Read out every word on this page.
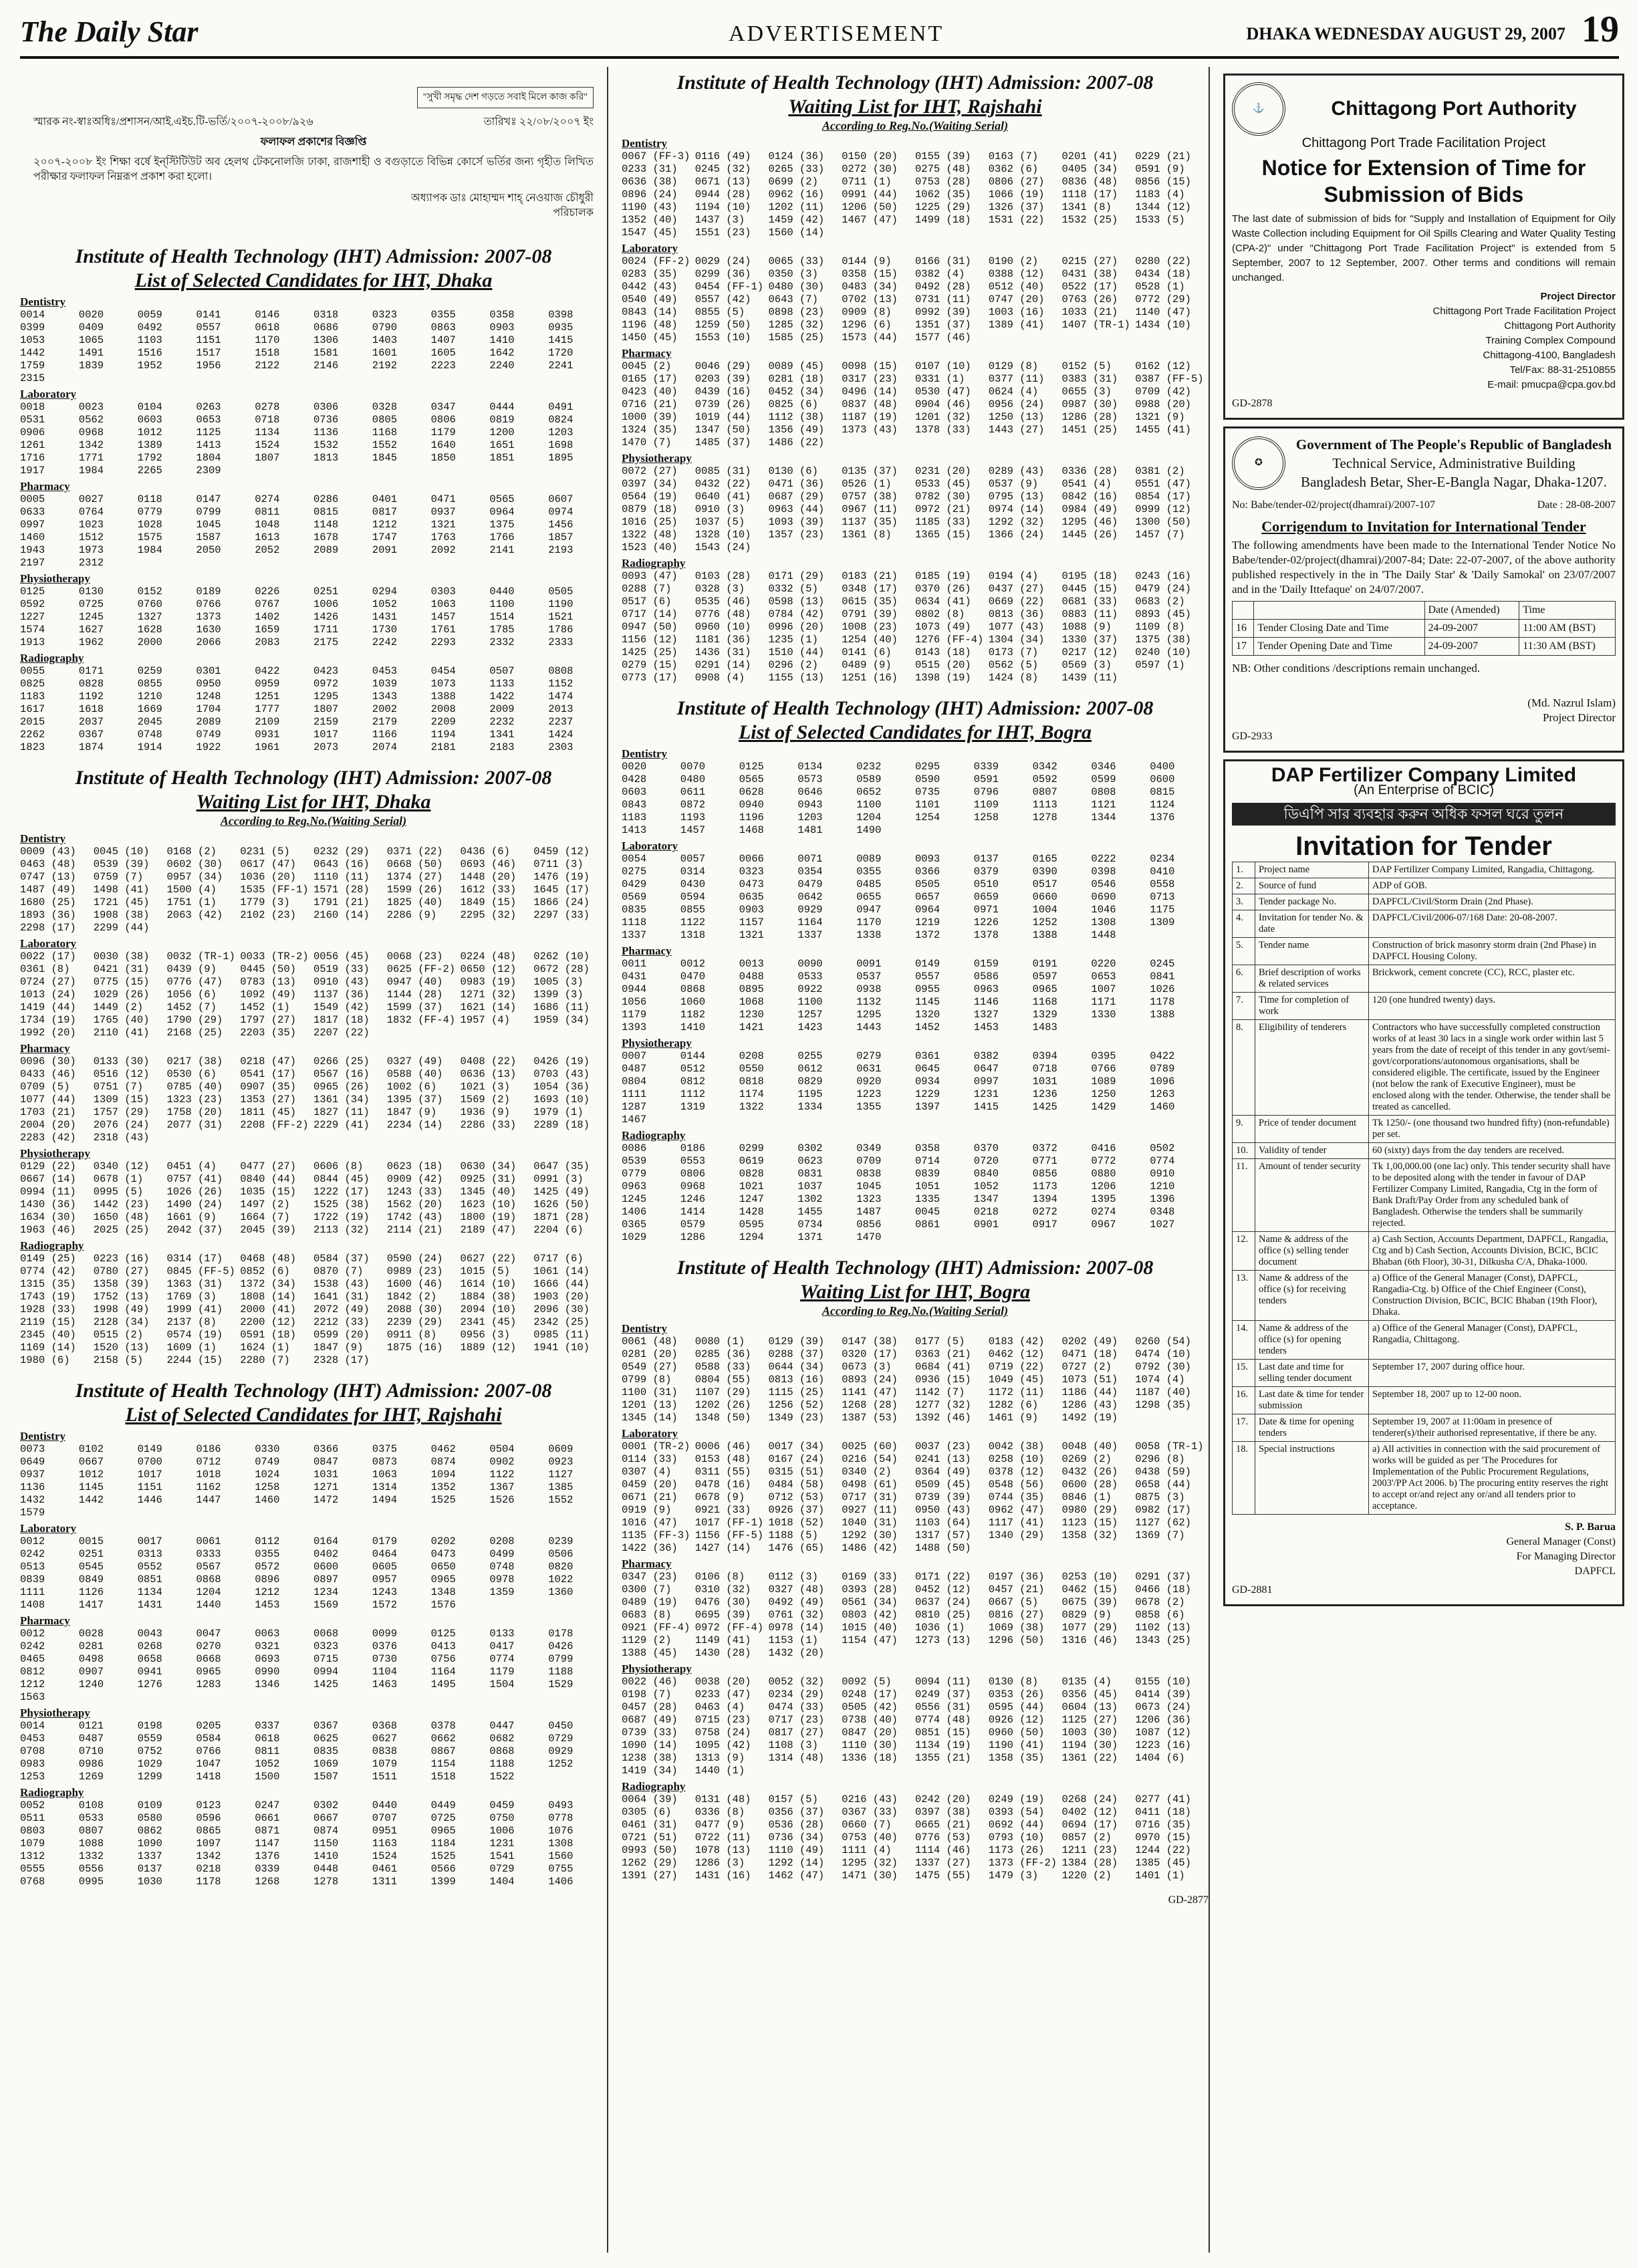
The Daily Star	ADVERTISEMENT	DHAKA WEDNESDAY AUGUST 29, 2007 19
"সুখী সমৃদ্ধ দেশ গড়তে সবাই মিলে কাজ করি"
স্মারক নং-স্বাঃঅধিঃ/প্রশাসন/আই.এইচ.টি-ভর্তি/২০০৭-২০০৮/৯২৬	তারিখঃ ২২/০৮/২০০৭ ইং
ফলাফল প্রকাশের বিজ্ঞপ্তি

২০০৭-২০০৮ ইং শিক্ষা বর্ষে ইন্‌স্টিটিউট অব হেলথ টেকনোলজি ঢাকা, রাজশাহী ও বগুড়াতে বিভিন্ন কোর্সে ভর্তির জন্য গৃহীত লিখিত পরীক্ষার ফলাফল নিম্নরূপ প্রকাশ করা হলো।

অধ্যাপক ডাঃ মোহাম্মদ শাহ্‌ নেওয়াজ চৌধুরী
পরিচালক
Institute of Health Technology (IHT) Admission: 2007-08
List of Selected Candidates for IHT, Dhaka
Dentistry
0014	0020	0059	0141	0146	0318	0323	0355	0358	0398
0399	0409	0492	0557	0618	0686	0790	0863	0903	0935
1053	1065	1103	1151	1170	1306	1403	1407	1410	1415
1442	1491	1516	1517	1518	1581	1601	1605	1642	1720
1759	1839	1952	1956	2122	2146	2192	2223	2240	2241
2315
Laboratory
0018	0023	0104	0263	0278	0306	0328	0347	0444	0491
0531	0562	0603	0653	0718	0736	0805	0806	0819	0824
0906	0968	1012	1125	1134	1136	1168	1179	1200	1203
1261	1342	1389	1413	1524	1532	1552	1640	1651	1698
1716	1771	1792	1804	1807	1813	1845	1850	1851	1895
1917	1984	2265	2309
Pharmacy
0005	0027	0118	0147	0274	0286	0401	0471	0565	0607
0633	0764	0779	0799	0811	0815	0817	0937	0964	0974
0997	1023	1028	1045	1048	1148	1212	1321	1375	1456
1460	1512	1575	1587	1613	1678	1747	1763	1766	1857
1943	1973	1984	2050	2052	2089	2091	2092	2141	2193
2197	2312
Physiotherapy
0125	0130	0152	0189	0226	0251	0294	0303	0440	0505
0592	0725	0760	0766	0767	1006	1052	1063	1100	1190
1227	1245	1327	1373	1402	1426	1431	1457	1514	1521
1574	1627	1628	1630	1659	1711	1730	1761	1785	1786
1913	1962	2000	2066	2083	2175	2242	2293	2332	2333
Radiography
0055	0171	0259	0301	0422	0423	0453	0454	0507	0808
0825	0828	0855	0950	0959	0972	1039	1073	1133	1152
1183	1192	1210	1248	1251	1295	1343	1388	1422	1474
1617	1618	1669	1704	1777	1807	2002	2008	2009	2013
2015	2037	2045	2089	2109	2159	2179	2209	2232	2237
2262	0367	0748	0749	0931	1017	1166	1194	1341	1424
1823	1874	1914	1922	1961	2073	2074	2181	2183	2303
Institute of Health Technology (IHT) Admission: 2007-08
Waiting List for IHT, Dhaka
According to Reg.No.(Waiting Serial)
Dentistry
0009 (43)	0045 (10)	0168 (2)	0231 (5)	0232 (29)	0371 (22)	0436 (6)	0459 (12)
0463 (48)	0539 (39)	0602 (30)	0617 (47)	0643 (16)	0668 (50)	0693 (46)	0711 (3)
0747 (13)	0759 (7)	0957 (34)	1036 (20)	1110 (11)	1374 (27)	1448 (20)	1476 (19)
1487 (49)	1498 (41)	1500 (4)	1535 (FF-1) 1571 (28)	1599 (26)	1612 (33)	1645 (17)
1680 (25)	1721 (45)	1751 (1)	1779 (3)	1791 (21)	1825 (40)	1849 (15)	1866 (24)
1893 (36)	1908 (38)	2063 (42)	2102 (23)	2160 (14)	2286 (9)	2295 (32)	2297 (33)
2298 (17)	2299 (44)
Laboratory
0022 (17)	0030 (38)	0032 (TR-1) 0033 (TR-2) 0056 (45)	0068 (23)	0224 (48)	0262 (10)
0361 (8)	0421 (31)	0439 (9)	0445 (50)	0519 (33)	0625 (FF-2) 0650 (12)	0672 (28)
0724 (27)	0775 (15)	0776 (47)	0783 (13)	0910 (43)	0947 (40)	0983 (19)	1005 (3)
1013 (24)	1029 (26)	1056 (6)	1092 (49)	1137 (36)	1144 (28)	1271 (32)	1399 (3)
1419 (44)	1449 (2)	1452 (7)	1452 (1)	1549 (42)	1599 (37)	1621 (14)	1686 (11)
1734 (19)	1765 (40)	1790 (29)	1797 (27)	1817 (18)	1832 (FF-4) 1957 (4)	1959 (34)
1992 (20)	2110 (41)	2168 (25)	2203 (35)	2207 (22)
Pharmacy
0096 (30)	0133 (30)	0217 (38)	0218 (47)	0266 (25)	0327 (49)	0408 (22)	0426 (19)
0433 (46)	0516 (12)	0530 (6)	0541 (17)	0567 (16)	0588 (40)	0636 (13)	0703 (43)
0709 (5)	0751 (7)	0785 (40)	0907 (35)	0965 (26)	1002 (6)	1021 (3)	1054 (36)
1077 (44)	1309 (15)	1323 (23)	1353 (27)	1361 (34)	1395 (37)	1569 (2)	1693 (10)
1703 (21)	1757 (29)	1758 (20)	1811 (45)	1827 (11)	1847 (9)	1936 (9)	1979 (1)
2004 (20)	2076 (24)	2077 (31)	2208 (FF-2) 2229 (41)	2234 (14)	2286 (33)	2289 (18)
2283 (42)	2318 (43)
Physiotherapy
0129 (22)	0340 (12)	0451 (4)	0477 (27)	0606 (8)	0623 (18)	0630 (34)	0647 (35)
0667 (14)	0678 (1)	0757 (41)	0840 (44)	0844 (45)	0909 (42)	0925 (31)	0991 (3)
0994 (11)	0995 (5)	1026 (26)	1035 (15)	1222 (17)	1243 (33)	1345 (40)	1425 (49)
1430 (36)	1442 (23)	1490 (24)	1497 (2)	1525 (38)	1562 (20)	1623 (10)	1626 (50)
1634 (30)	1650 (48)	1661 (9)	1664 (7)	1722 (19)	1742 (43)	1800 (19)	1871 (28)
1963 (46)	2025 (25)	2042 (37)	2045 (39)	2113 (32)	2114 (21)	2189 (47)	2204 (6)
Radiography
0149 (25)	0223 (16)	0314 (17)	0468 (48)	0584 (37)	0590 (24)	0627 (22)	0717 (6)
0774 (42)	0780 (27)	0845 (FF-5) 0852 (6)	0870 (7)	0989 (23)	1015 (5)	1061 (14)
1315 (35)	1358 (39)	1363 (31)	1372 (34)	1538 (43)	1600 (46)	1614 (10)	1666 (44)
1743 (19)	1752 (13)	1769 (3)	1808 (14)	1641 (31)	1842 (2)	1884 (38)	1903 (20)
1928 (33)	1998 (49)	1999 (41)	2000 (41)	2072 (49)	2088 (30)	2094 (10)	2096 (30)
2119 (15)	2128 (34)	2137 (8)	2200 (12)	2212 (33)	2239 (29)	2341 (45)	2342 (25)
2345 (40)	0515 (2)	0574 (19)	0591 (18)	0599 (20)	0911 (8)	0956 (3)	0985 (11)
1169 (14)	1520 (13)	1609 (1)	1624 (1)	1847 (9)	1875 (16)	1889 (12)	1941 (10)
1980 (6)	2158 (5)	2244 (15)	2280 (7)	2328 (17)
Institute of Health Technology (IHT) Admission: 2007-08
List of Selected Candidates for IHT, Rajshahi
Dentistry
0073	0102	0149	0186	0330	0366	0375	0462	0504	0609
0649	0667	0700	0712	0749	0847	0873	0874	0902	0923
0937	1012	1017	1018	1024	1031	1063	1094	1122	1127
1136	1145	1151	1162	1258	1271	1314	1352	1367	1385
1432	1442	1446	1447	1460	1472	1494	1525	1526	1552
1579
Laboratory
0012	0015	0017	0061	0112	0164	0179	0202	0208	0239
0242	0251	0313	0333	0355	0402	0464	0473	0499	0506
0513	0545	0552	0567	0572	0600	0605	0650	0748	0820
0839	0849	0851	0868	0896	0897	0957	0965	0978	1022
1111	1126	1134	1204	1212	1234	1243	1348	1359	1360
1408	1417	1431	1440	1453	1569	1572	1576
Pharmacy
0012	0028	0043	0047	0063	0068	0099	0125	0133	0178
0242	0281	0268	0270	0321	0323	0376	0413	0417	0426
0465	0498	0658	0668	0693	0715	0730	0756	0774	0799
0812	0907	0941	0965	0990	0994	1104	1164	1179	1188
1212	1240	1276	1283	1346	1425	1463	1495	1504	1529
1563
Physiotherapy
0014	0121	0198	0205	0337	0367	0368	0378	0447	0450
0453	0487	0559	0584	0618	0625	0627	0662	0682	0729
0708	0710	0752	0766	0811	0835	0838	0867	0868	0929
0983	0986	1029	1047	1052	1069	1079	1154	1188	1252
1253	1269	1299	1418	1500	1507	1511	1518	1522
Radiography
0052	0108	0109	0123	0247	0302	0440	0449	0459	0493
0511	0533	0580	0596	0661	0667	0707	0725	0750	0778
0803	0807	0862	0865	0871	0874	0951	0965	1006	1076
1079	1088	1090	1097	1147	1150	1163	1184	1231	1308
1312	1332	1337	1342	1376	1410	1524	1525	1541	1560
0555	0556	0137	0218	0339	0448	0461	0566	0729	0755
0768	0995	1030	1178	1268	1278	1311	1399	1404	1406
Institute of Health Technology (IHT) Admission: 2007-08
Waiting List for IHT, Rajshahi
According to Reg.No.(Waiting Serial)
Dentistry
0067 (FF-3) 0116 (49)	0124 (36)	0150 (20)	0155 (39)	0163 (7)	0201 (41)	0229 (21)
0233 (31)	0245 (32)	0265 (33)	0272 (30)	0275 (48)	0362 (6)	0405 (34)	0591 (9)
0636 (38)	0671 (13)	0699 (2)	0711 (1)	0753 (28)	0806 (27)	0836 (48)	0856 (15)
0896 (24)	0944 (28)	0962 (16)	0991 (44)	1062 (35)	1066 (19)	1118 (17)	1183 (4)
1190 (43)	1194 (10)	1202 (11)	1206 (50)	1225 (29)	1326 (37)	1341 (8)	1344 (12)
1352 (40)	1437 (3)	1459 (42)	1467 (47)	1499 (18)	1531 (22)	1532 (25)	1533 (5)
1547 (45)	1551 (23)	1560 (14)
Laboratory
0024 (FF-2) 0029 (24)	0065 (33)	0144 (9)	0166 (31)	0190 (2)	0215 (27)	0280 (22)
0283 (35)	0299 (36)	0350 (3)	0358 (15)	0382 (4)	0388 (12)	0431 (38)	0434 (18)
0442 (43)	0454 (FF-1) 0480 (30)	0483 (34)	0492 (28)	0512 (40)	0522 (17)	0528 (1)
0540 (49)	0557 (42)	0643 (7)	0702 (13)	0731 (11)	0747 (20)	0763 (26)	0772 (29)
0843 (14)	0855 (5)	0898 (23)	0909 (8)	0992 (39)	1003 (16)	1033 (21)	1140 (47)
1196 (48)	1259 (50)	1285 (32)	1296 (6)	1351 (37)	1389 (41)	1407 (TR-1) 1434 (10)
1450 (45)	1553 (10)	1585 (25)	1573 (44)	1577 (46)
Pharmacy
0045 (2)	0046 (29)	0089 (45)	0098 (15)	0107 (10)	0129 (8)	0152 (5)	0162 (12)
0165 (17)	0203 (39)	0281 (18)	0317 (23)	0331 (1)	0377 (11)	0383 (31)	0387 (FF-5)
0423 (40)	0439 (16)	0452 (34)	0496 (14)	0530 (47)	0624 (4)	0655 (3)	0709 (42)
0716 (21)	0739 (26)	0825 (6)	0837 (48)	0904 (46)	0956 (24)	0987 (30)	0988 (20)
1000 (39)	1019 (44)	1112 (38)	1187 (19)	1201 (32)	1250 (13)	1286 (28)	1321 (9)
1324 (35)	1347 (50)	1356 (49)	1373 (43)	1378 (33)	1443 (27)	1451 (25)	1455 (41)
1470 (7)	1485 (37)	1486 (22)
Physiotherapy
0072 (27)	0085 (31)	0130 (6)	0135 (37)	0231 (20)	0289 (43)	0336 (28)	0381 (2)
0397 (34)	0432 (22)	0471 (36)	0526 (1)	0533 (45)	0537 (9)	0541 (4)	0551 (47)
0564 (19)	0640 (41)	0687 (29)	0757 (38)	0782 (30)	0795 (13)	0842 (16)	0854 (17)
0879 (18)	0910 (3)	0963 (44)	0967 (11)	0972 (21)	0974 (14)	0984 (49)	0999 (12)
1016 (25)	1037 (5)	1093 (39)	1137 (35)	1185 (33)	1292 (32)	1295 (46)	1300 (50)
1322 (48)	1328 (10)	1357 (23)	1361 (8)	1365 (15)	1366 (24)	1445 (26)	1457 (7)
1523 (40)	1543 (24)
Radiography
0093 (47)	0103 (28)	0171 (29)	0183 (21)	0185 (19)	0194 (4)	0195 (18)	0243 (16)
0288 (7)	0328 (3)	0332 (5)	0348 (17)	0370 (26)	0437 (27)	0445 (15)	0479 (24)
0517 (6)	0535 (46)	0598 (13)	0615 (35)	0634 (41)	0669 (22)	0681 (33)	0683 (2)
0717 (14)	0776 (48)	0784 (42)	0791 (39)	0802 (8)	0813 (36)	0883 (11)	0893 (45)
0947 (50)	0960 (10)	0996 (20)	1008 (23)	1073 (49)	1077 (43)	1088 (9)	1109 (8)
1156 (12)	1181 (36)	1235 (1)	1254 (40)	1276 (FF-4) 1304 (34)	1330 (37)	1375 (38)
1425 (25)	1436 (31)	1510 (44)	0141 (6)	0143 (18)	0173 (7)	0217 (12)	0240 (10)
0279 (15)	0291 (14)	0296 (2)	0489 (9)	0515 (20)	0562 (5)	0569 (3)	0597 (1)
0773 (17)	0908 (4)	1155 (13)	1251 (16)	1398 (19)	1424 (8)	1439 (11)
Institute of Health Technology (IHT) Admission: 2007-08
List of Selected Candidates for IHT, Bogra
Dentistry
0020	0070	0125	0134	0232	0295	0339	0342	0346	0400
0428	0480	0565	0573	0589	0590	0591	0592	0599	0600
0603	0611	0628	0646	0652	0735	0796	0807	0808	0815
0843	0872	0940	0943	1100	1101	1109	1113	1121	1124
1183	1193	1196	1203	1204	1254	1258	1278	1344	1376
1413	1457	1468	1481	1490
Laboratory
0054	0057	0066	0071	0089	0093	0137	0165	0222	0234
0275	0314	0323	0354	0355	0366	0379	0390	0398	0410
0429	0430	0473	0479	0485	0505	0510	0517	0546	0558
0569	0594	0635	0642	0655	0657	0659	0660	0690	0713
0835	0855	0903	0929	0947	0964	0971	1004	1046	1175
1118	1122	1157	1164	1170	1219	1226	1252	1308	1309
1337	1318	1321	1337	1338	1372	1378	1388	1448
Pharmacy
0011	0012	0013	0090	0091	0149	0159	0191	0220	0245
0431	0470	0488	0533	0537	0557	0586	0597	0653	0841
0944	0868	0895	0922	0938	0955	0963	0965	1007	1026
1056	1060	1068	1100	1132	1145	1146	1168	1171	1178
1179	1182	1230	1257	1295	1320	1327	1329	1330	1388
1393	1410	1421	1423	1443	1452	1453	1483
Physiotherapy
0007	0144	0208	0255	0279	0361	0382	0394	0395	0422
0487	0512	0550	0612	0631	0645	0647	0718	0766	0789
0804	0812	0818	0829	0920	0934	0997	1031	1089	1096
1111	1112	1174	1195	1223	1229	1231	1236	1250	1263
1287	1319	1322	1334	1355	1397	1415	1425	1429	1460
1467
Radiography
0086	0186	0299	0302	0349	0358	0370	0372	0416	0502
0539	0553	0619	0623	0709	0714	0720	0771	0772	0774
0779	0806	0828	0831	0838	0839	0840	0856	0880	0910
0963	0968	1021	1037	1045	1051	1052	1173	1206	1210
1245	1246	1247	1302	1323	1335	1347	1394	1395	1396
1406	1414	1428	1455	1487	0045	0218	0272	0274	0348
0365	0579	0595	0734	0856	0861	0901	0917	0967	1027
1029	1286	1294	1371	1470
Institute of Health Technology (IHT) Admission: 2007-08
Waiting List for IHT, Bogra
According to Reg.No.(Waiting Serial)
Dentistry
0061 (48)	0080 (1)	0129 (39)	0147 (38)	0177 (5)	0183 (42)	0202 (49)	0260 (54)
0281 (20)	0285 (36)	0288 (37)	0320 (17)	0363 (21)	0462 (12)	0471 (18)	0474 (10)
0549 (27)	0588 (33)	0644 (34)	0673 (3)	0684 (41)	0719 (22)	0727 (2)	0792 (30)
0799 (8)	0804 (55)	0813 (16)	0893 (24)	0936 (15)	1049 (45)	1073 (51)	1074 (4)
1100 (31)	1107 (29)	1115 (25)	1141 (47)	1142 (7)	1172 (11)	1186 (44)	1187 (40)
1201 (13)	1202 (26)	1256 (52)	1268 (28)	1277 (32)	1282 (6)	1286 (43)	1298 (35)
1345 (14)	1348 (50)	1349 (23)	1387 (53)	1392 (46)	1461 (9)	1492 (19)
Laboratory
0001 (TR-2) 0006 (46)	0017 (34)	0025 (60)	0037 (23)	0042 (38)	0048 (40)	0058 (TR-1)
0114 (33)	0153 (48)	0167 (24)	0216 (54)	0241 (13)	0258 (10)	0269 (2)	0296 (8)
0307 (4)	0311 (55)	0315 (51)	0340 (2)	0364 (49)	0378 (12)	0432 (26)	0438 (59)
0459 (20)	0478 (16)	0484 (58)	0498 (61)	0509 (45)	0548 (56)	0600 (28)	0658 (44)
0671 (21)	0678 (9)	0712 (53)	0717 (31)	0739 (39)	0744 (35)	0846 (1)	0875 (3)
0919 (9)	0921 (33)	0926 (37)	0927 (11)	0950 (43)	0962 (47)	0980 (29)	0982 (17)
1016 (47)	1017 (FF-1) 1018 (52)	1040 (31)	1103 (64)	1117 (41)	1123 (15)	1127 (62)
1135 (FF-3) 1156 (FF-5) 1188 (5)	1292 (30)	1317 (57)	1340 (29)	1358 (32)	1369 (7)
1422 (36)	1427 (14)	1476 (65)	1486 (42)	1488 (50)
Pharmacy
0347 (23)	0106 (8)	0112 (3)	0169 (33)	0171 (22)	0197 (36)	0253 (10)	0291 (37)
0300 (7)	0310 (32)	0327 (48)	0393 (28)	0452 (12)	0457 (21)	0462 (15)	0466 (18)
0489 (19)	0476 (30)	0492 (49)	0561 (34)	0637 (24)	0667 (5)	0675 (39)	0678 (2)
0683 (8)	0695 (39)	0761 (32)	0803 (42)	0810 (25)	0816 (27)	0829 (9)	0858 (6)
0921 (FF-4) 0972 (FF-4) 0978 (14)	1015 (40)	1036 (1)	1069 (38)	1077 (29)	1102 (13)
1129 (2)	1149 (41)	1153 (1)	1154 (47)	1273 (13)	1296 (50)	1316 (46)	1343 (25)
1388 (45)	1430 (28)	1432 (20)
Physiotherapy
0022 (46)	0038 (20)	0052 (32)	0092 (5)	0094 (11)	0130 (8)	0135 (4)	0155 (10)
0198 (7)	0233 (47)	0234 (29)	0248 (17)	0249 (37)	0353 (26)	0356 (45)	0414 (39)
0457 (28)	0463 (4)	0474 (33)	0505 (42)	0556 (31)	0595 (44)	0604 (13)	0673 (24)
0687 (49)	0715 (23)	0717 (23)	0738 (40)	0774 (48)	0926 (12)	1125 (27)	1206 (36)
0739 (33)	0758 (24)	0817 (27)	0847 (20)	0851 (15)	0960 (50)	1003 (30)	1087 (12)
1090 (14)	1095 (42)	1108 (3)	1110 (30)	1134 (19)	1190 (41)	1194 (30)	1223 (16)
1238 (38)	1313 (9)	1314 (48)	1336 (18)	1355 (21)	1358 (35)	1361 (22)	1404 (6)
1419 (34)	1440 (1)
Radiography
0064 (39)	0131 (48)	0157 (5)	0216 (43)	0242 (20)	0249 (19)	0268 (24)	0277 (41)
0305 (6)	0336 (8)	0356 (37)	0367 (33)	0397 (38)	0393 (54)	0402 (12)	0411 (18)
0461 (31)	0477 (9)	0536 (28)	0660 (7)	0665 (21)	0692 (44)	0694 (17)	0716 (35)
0721 (51)	0722 (11)	0736 (34)	0753 (40)	0776 (53)	0793 (10)	0857 (2)	0970 (15)
0993 (50)	1078 (13)	1110 (49)	1111 (4)	1114 (46)	1173 (26)	1211 (23)	1244 (22)
1262 (29)	1286 (3)	1292 (14)	1295 (32)	1337 (27)	1373 (FF-2) 1384 (28)	1385 (45)
1391 (27)	1431 (16)	1462 (47)	1471 (30)	1475 (55)	1479 (3)	1220 (2)	1401 (1)
GD-2877
⚓	Chittagong Port Authority
Chittagong Port Trade Facilitation Project
Notice for Extension of Time for Submission of Bids

The last date of submission of bids for "Supply and Installation of Equipment for Oily Waste Collection including Equipment for Oil Spills Clearing and Water Quality Testing (CPA-2)" under "Chittagong Port Trade Facilitation Project" is extended from 5 September, 2007 to 12 September, 2007. Other terms and conditions will remain unchanged.

Project Director
Chittagong Port Trade Facilitation Project
Chittagong Port Authority
Training Complex Compound
Chittagong-4100, Bangladesh
Tel/Fax: 88-31-2510855
E-mail: pmucpa@cpa.gov.bd
GD-2878
✪
Government of The People's Republic of Bangladesh
Technical Service, Administrative Building
Bangladesh Betar, Sher-E-Bangla Nagar, Dhaka-1207.
No: Babe/tender-02/project(dhamrai)/2007-107	Date : 28-08-2007
Corrigendum to Invitation for International Tender

The following amendments have been made to the International Tender Notice No Babe/tender-02/project(dhamrai)/2007-84; Date: 22-07-2007, of the above authority published respectively in the in 'The Daily Star' & 'Daily Samokal' on 23/07/2007 and in the 'Daily Ittefaque' on 24/07/2007.

		Date (Amended)	Time
16	Tender Closing Date and Time	24-09-2007	11:00 AM (BST)
17	Tender Opening Date and Time	24-09-2007	11:30 AM (BST)

NB: Other conditions /descriptions remain unchanged.

(Md. Nazrul Islam)
Project Director
GD-2933
DAP Fertilizer Company Limited
(An Enterprise of BCIC)
ডিএপি সার ব্যবহার করুন অধিক ফসল ঘরে তুলন
Invitation for Tender
1.	Project name	DAP Fertilizer Company Limited, Rangadia, Chittagong.
2.	Source of fund	ADP of GOB.
3.	Tender package No.	DAPFCL/Civil/Storm Drain (2nd Phase).
4.	Invitation for tender No. & date	DAPFCL/Civil/2006-07/168 Date: 20-08-2007.
5.	Tender name	Construction of brick masonry storm drain (2nd Phase) in DAPFCL Housing Colony.
6.	Brief description of works & related services	Brickwork, cement concrete (CC), RCC, plaster etc.
7.	Time for completion of work	120 (one hundred twenty) days.
8.	Eligibility of tenderers	Contractors who have successfully completed construction works of at least 30 lacs in a single work order within last 5 years from the date of receipt of this tender in any govt/semi-govt/corporations/autonomous organisations, shall be considered eligible. The certificate, issued by the Engineer (not below the rank of Executive Engineer), must be enclosed along with the tender. Otherwise, the tender shall be treated as cancelled.
9.	Price of tender document	Tk 1250/- (one thousand two hundred fifty) (non-refundable) per set.
10.	Validity of tender	60 (sixty) days from the day tenders are received.
11.	Amount of tender security	Tk 1,00,000.00 (one lac) only. This tender security shall have to be deposited along with the tender in favour of DAP Fertilizer Company Limited, Rangadia, Ctg in the form of Bank Draft/Pay Order from any scheduled bank of Bangladesh. Otherwise the tenders shall be summarily rejected.
12.	Name & address of the office (s) selling tender document	a) Cash Section, Accounts Department, DAPFCL, Rangadia, Ctg and b) Cash Section, Accounts Division, BCIC, BCIC Bhaban (6th Floor), 30-31, Dilkusha C/A, Dhaka-1000.
13.	Name & address of the office (s) for receiving tenders	a) Office of the General Manager (Const), DAPFCL, Rangadia-Ctg. b) Office of the Chief Engineer (Const), Construction Division, BCIC, BCIC Bhaban (19th Floor), Dhaka.
14.	Name & address of the office (s) for opening tenders	a) Office of the General Manager (Const), DAPFCL, Rangadia, Chittagong.
15.	Last date and time for selling tender document	September 17, 2007 during office hour.
16.	Last date & time for tender submission	September 18, 2007 up to 12-00 noon.
17.	Date & time for opening tenders	September 19, 2007 at 11:00am in presence of tenderer(s)/their authorised representative, if there be any.
18.	Special instructions	a) All activities in connection with the said procurement of works will be guided as per 'The Procedures for Implementation of the Public Procurement Regulations, 2003'/PP Act 2006. b) The procuring entity reserves the right to accept or/and reject any or/and all tenders prior to acceptance.
S. P. Barua
General Manager (Const)
For Managing Director
DAPFCL
GD-2881
